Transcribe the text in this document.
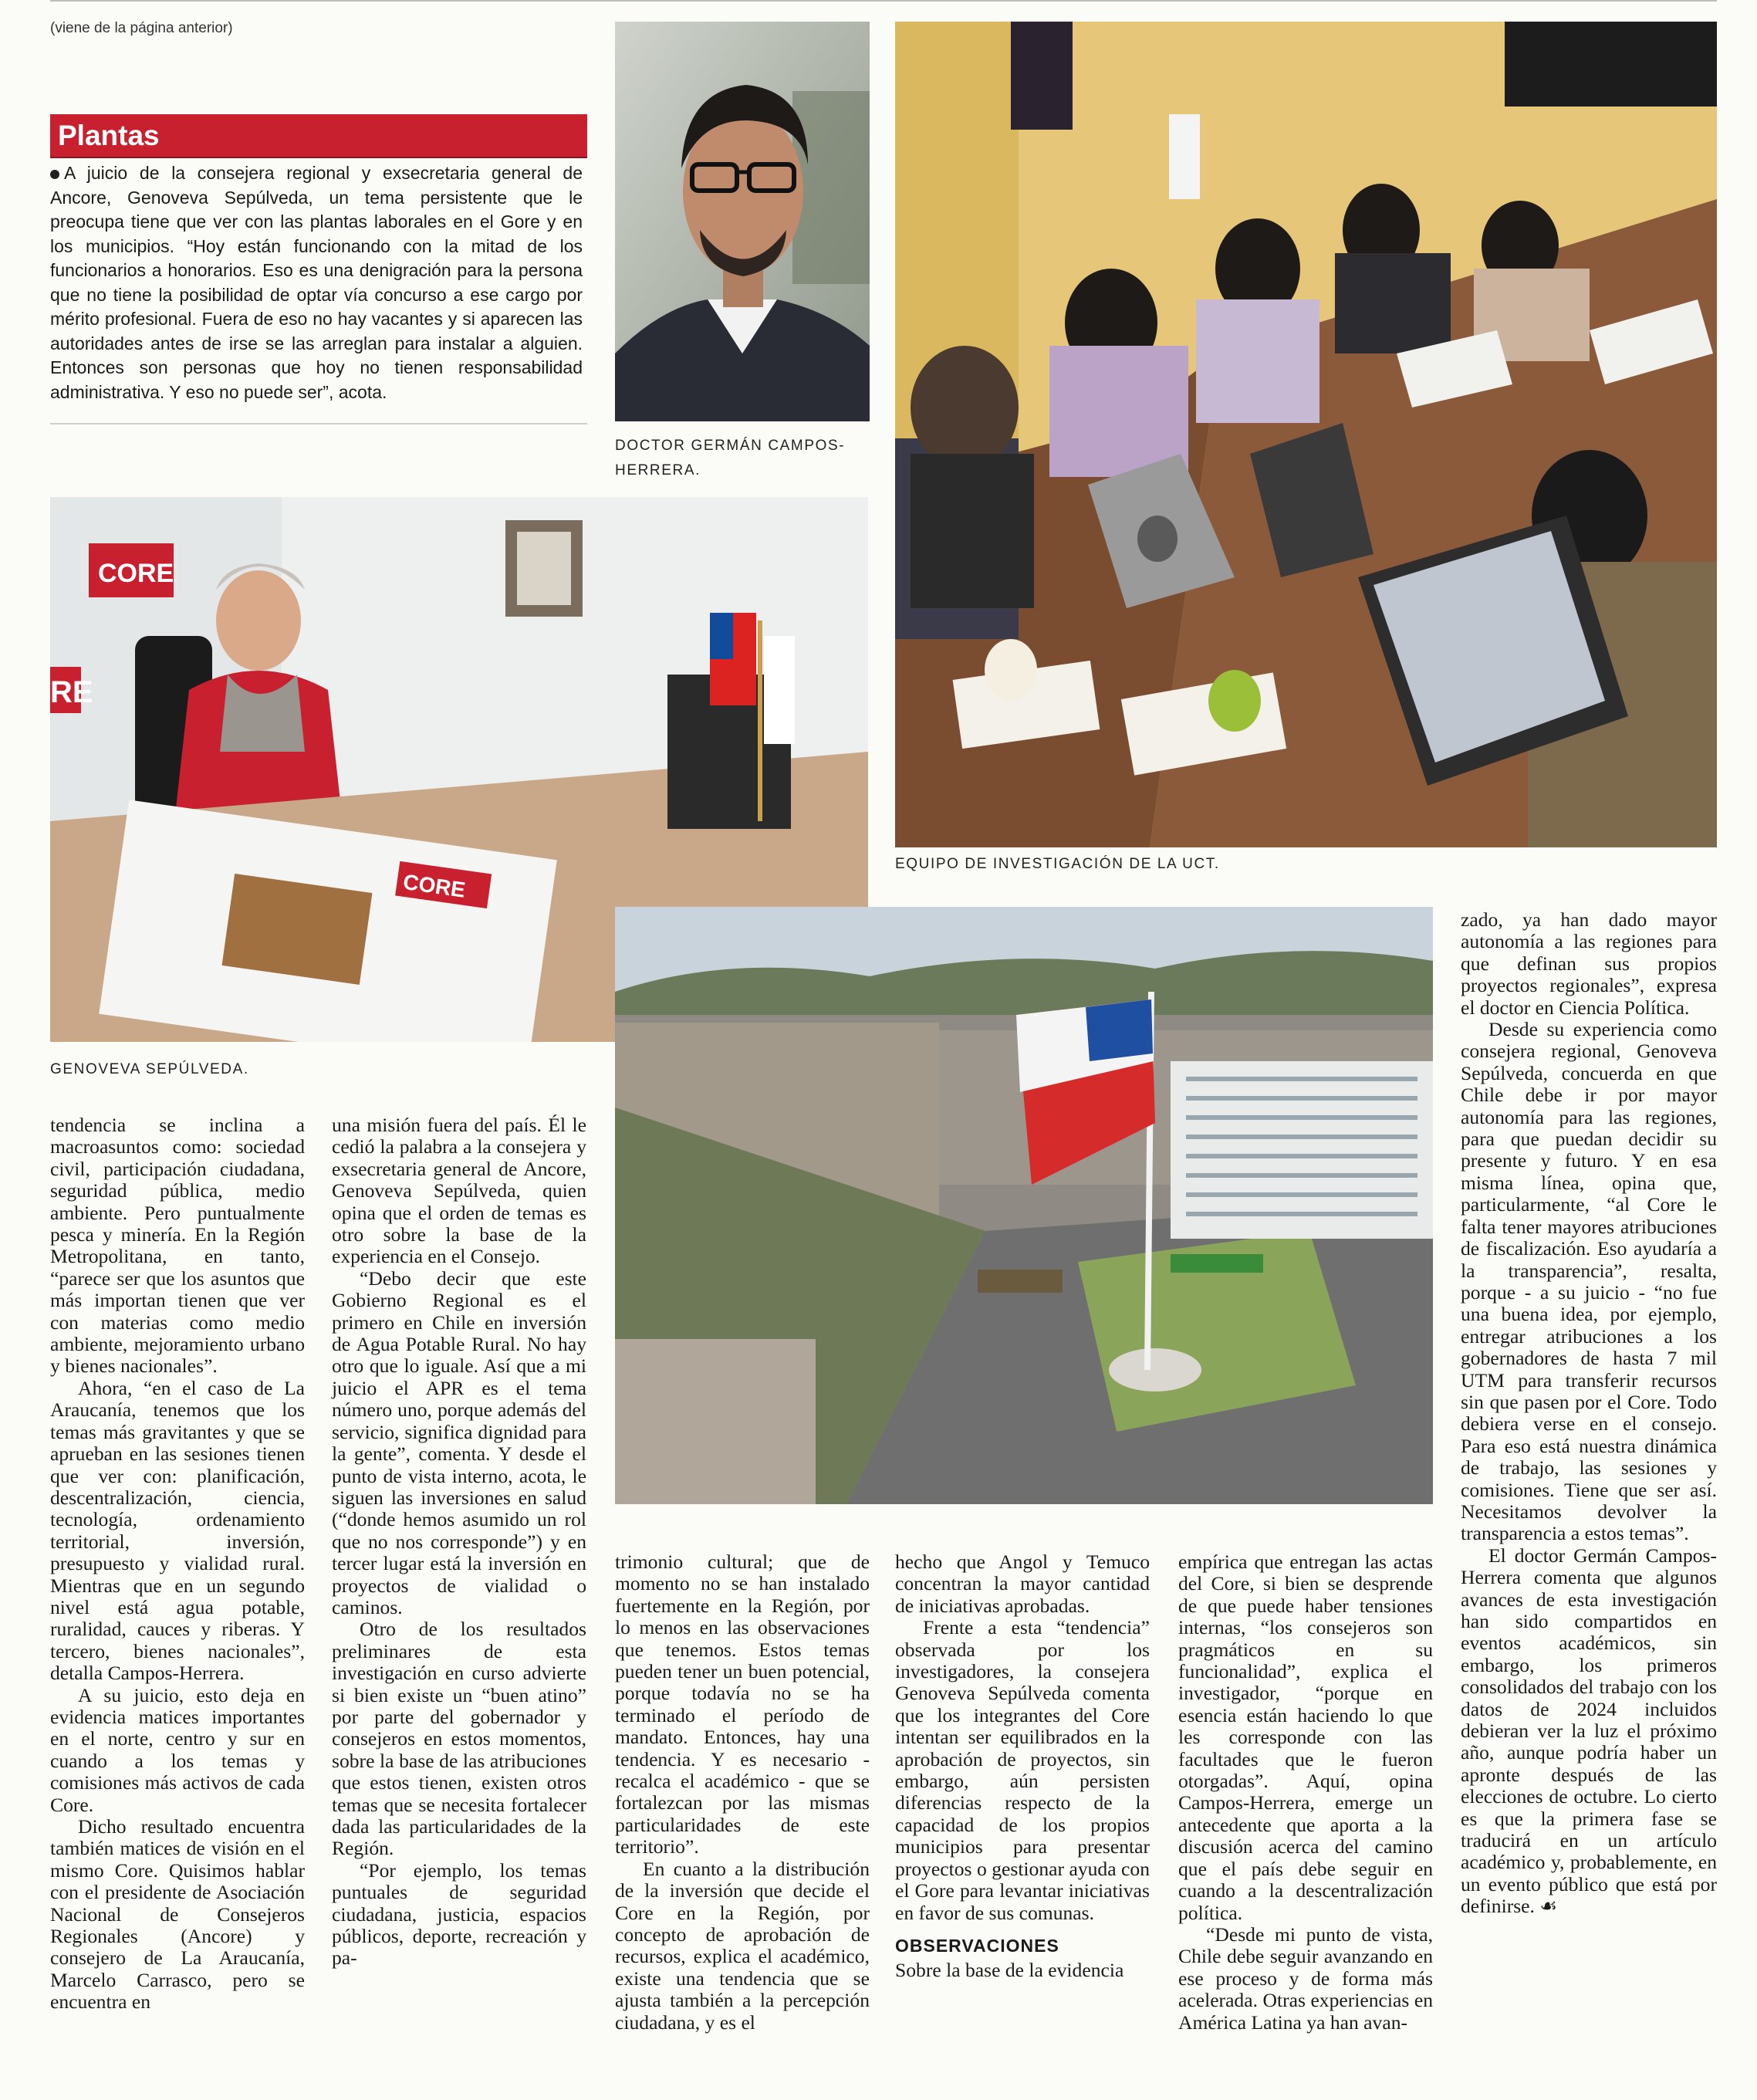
(viene de la página anterior)
Plantas
A juicio de la consejera regional y exsecretaria general de Ancore, Genoveva Sepúlveda, un tema persistente que le preocupa tiene que ver con las plantas laborales en el Gore y en los municipios. “Hoy están funcionando con la mitad de los funcionarios a honorarios. Eso es una denigración para la persona que no tiene la posibilidad de optar vía concurso a ese cargo por mérito profesional. Fuera de eso no hay vacantes y si aparecen las autoridades antes de irse se las arreglan para instalar a alguien. Entonces son personas que hoy no tienen responsabilidad administrativa. Y eso no puede ser”, acota.
DOCTOR GERMÁN CAMPOS-HERRERA.
EQUIPO DE INVESTIGACIÓN DE LA UCT.
CORE
RE
CORE
GENOVEVA SEPÚLVEDA.

tendencia se inclina a macroasuntos como: sociedad civil, participación ciudadana, seguridad pública, medio ambiente. Pero puntualmente pesca y minería. En la Región Metropolitana, en tanto, “parece ser que los asuntos que más importan tienen que ver con materias como medio ambiente, mejoramiento urbano y bienes nacionales”.

Ahora, “en el caso de La Araucanía, tenemos que los temas más gravitantes y que se aprueban en las sesiones tienen que ver con: planificación, descentralización, ciencia, tecnología, ordenamiento territorial, inversión, presupuesto y vialidad rural. Mientras que en un segundo nivel está agua potable, ruralidad, cauces y riberas. Y tercero, bienes nacionales”, detalla Campos-Herrera.

A su juicio, esto deja en evidencia matices importantes en el norte, centro y sur en cuando a los temas y comisiones más activos de cada Core.

Dicho resultado encuentra también matices de visión en el mismo Core. Quisimos hablar con el presidente de Asociación Nacional de Consejeros Regionales (Ancore) y consejero de La Araucanía, Marcelo Carrasco, pero se encuentra en

una misión fuera del país. Él le cedió la palabra a la consejera y exsecretaria general de Ancore, Genoveva Sepúlveda, quien opina que el orden de temas es otro sobre la base de la experiencia en el Consejo.

“Debo decir que este Gobierno Regional es el primero en Chile en inversión de Agua Potable Rural. No hay otro que lo iguale. Así que a mi juicio el APR es el tema número uno, porque además del servicio, significa dignidad para la gente”, comenta. Y desde el punto de vista interno, acota, le siguen las inversiones en salud (“donde hemos asumido un rol que no nos corresponde”) y en tercer lugar está la inversión en proyectos de vialidad o caminos.

Otro de los resultados preliminares de esta investigación en curso advierte si bien existe un “buen atino” por parte del gobernador y consejeros en estos momentos, sobre la base de las atribuciones que estos tienen, existen otros temas que se necesita fortalecer dada las particularidades de la Región.

“Por ejemplo, los temas puntuales de seguridad ciudadana, justicia, espacios públicos, deporte, recreación y pa-

trimonio cultural; que de momento no se han instalado fuertemente en la Región, por lo menos en las observaciones que tenemos. Estos temas pueden tener un buen potencial, porque todavía no se ha terminado el período de mandato. Entonces, hay una tendencia. Y es necesario - recalca el académico - que se fortalezcan por las mismas particularidades de este territorio”.

En cuanto a la distribución de la inversión que decide el Core en la Región, por concepto de aprobación de recursos, explica el académico, existe una tendencia que se ajusta también a la percepción ciudadana, y es el

hecho que Angol y Temuco concentran la mayor cantidad de iniciativas aprobadas.

Frente a esta “tendencia” observada por los investigadores, la consejera Genoveva Sepúlveda comenta que los integrantes del Core intentan ser equilibrados en la aprobación de proyectos, sin embargo, aún persisten diferencias respecto de la capacidad de los propios municipios para presentar proyectos o gestionar ayuda con el Gore para levantar iniciativas en favor de sus comunas.

OBSERVACIONES

Sobre la base de la evidencia

empírica que entregan las actas del Core, si bien se desprende de que puede haber tensiones internas, “los consejeros son pragmáticos en su funcionalidad”, explica el investigador, “porque en esencia están haciendo lo que les corresponde con las facultades que le fueron otorgadas”. Aquí, opina Campos-Herrera, emerge un antecedente que aporta a la discusión acerca del camino que el país debe seguir en cuando a la descentralización política.

“Desde mi punto de vista, Chile debe seguir avanzando en ese proceso y de forma más acelerada. Otras experiencias en América Latina ya han avan-

zado, ya han dado mayor autonomía a las regiones para que definan sus propios proyectos regionales”, expresa el doctor en Ciencia Política.

Desde su experiencia como consejera regional, Genoveva Sepúlveda, concuerda en que Chile debe ir por mayor autonomía para las regiones, para que puedan decidir su presente y futuro. Y en esa misma línea, opina que, particularmente, “al Core le falta tener mayores atribuciones de fiscalización. Eso ayudaría a la transparencia”, resalta, porque - a su juicio - “no fue una buena idea, por ejemplo, entregar atribuciones a los gobernadores de hasta 7 mil UTM para transferir recursos sin que pasen por el Core. Todo debiera verse en el consejo. Para eso está nuestra dinámica de trabajo, las sesiones y comisiones. Tiene que ser así. Necesitamos devolver la transparencia a estos temas”.

El doctor Germán Campos-Herrera comenta que algunos avances de esta investigación han sido compartidos en eventos académicos, sin embargo, los primeros consolidados del trabajo con los datos de 2024 incluidos debieran ver la luz el próximo año, aunque podría haber un apronte después de las elecciones de octubre. Lo cierto es que la primera fase se traducirá en un artículo académico y, probablemente, en un evento público que está por definirse. ☙
